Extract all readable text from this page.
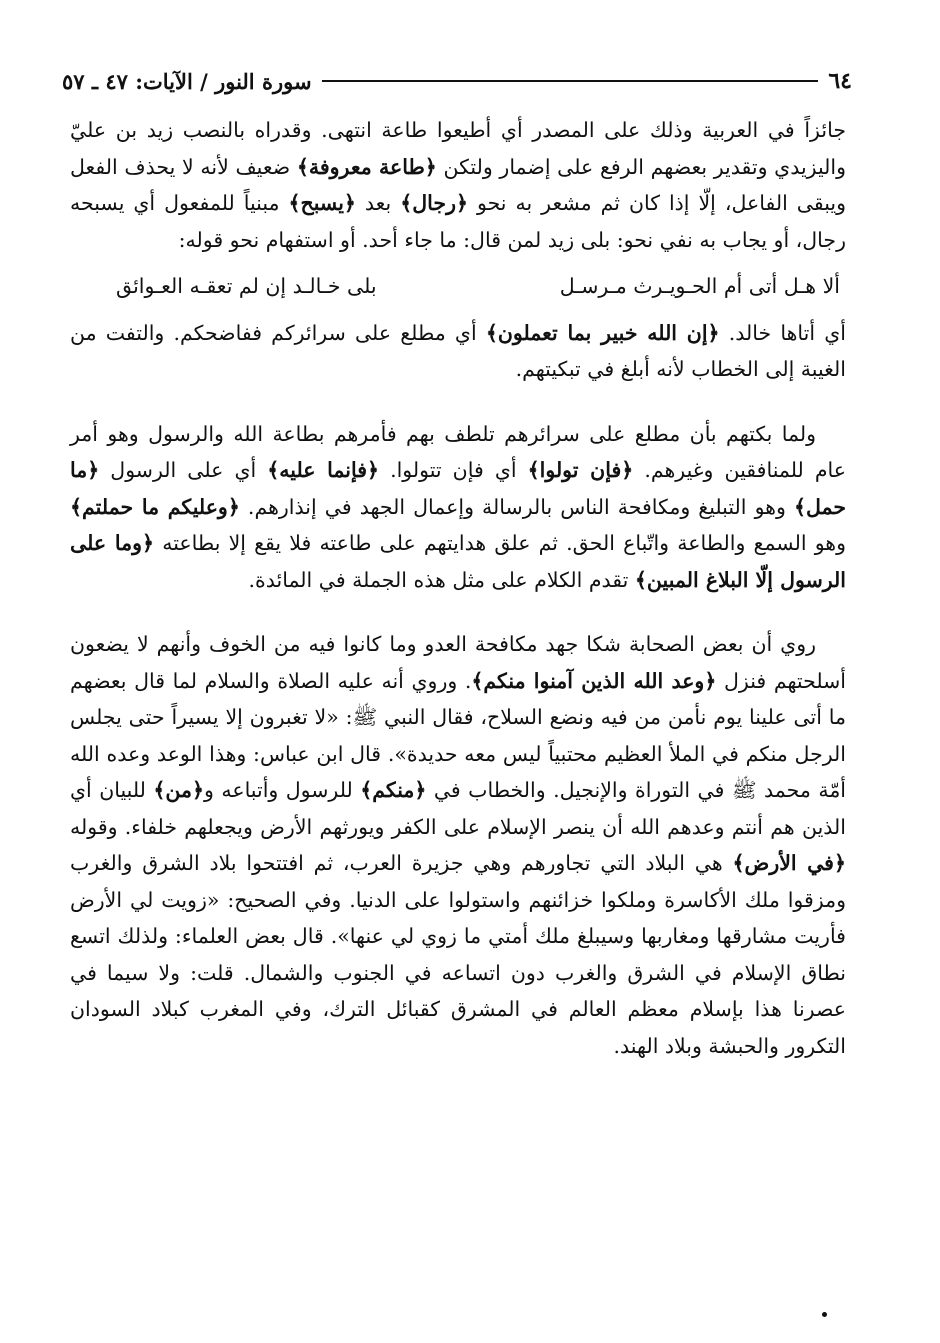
٦٤
سورة النور / الآيات: ٤٧ ـ ٥٧

جائزاً في العربية وذلك على المصدر أي أطيعوا طاعة انتهى. وقدراه بالنصب زيد بن عليّ واليزيدي وتقدير بعضهم الرفع على إضمار ولتكن ﴿طاعة معروفة﴾ ضعيف لأنه لا يحذف الفعل ويبقى الفاعل، إلّا إذا كان ثم مشعر به نحو ﴿رجال﴾ بعد ﴿يسبح﴾ مبنياً للمفعول أي يسبحه رجال، أو يجاب به نفي نحو: بلى زيد لمن قال: ما جاء أحد. أو استفهام نحو قوله:

ألا هـل أتى أم الحـويـرث مـرسـل
بلى خـالـد إن لم تعقـه العـوائق

أي أتاها خالد. ﴿إن الله خبير بما تعملون﴾ أي مطلع على سرائركم ففاضحكم. والتفت من الغيبة إلى الخطاب لأنه أبلغ في تبكيتهم.

ولما بكتهم بأن مطلع على سرائرهم تلطف بهم فأمرهم بطاعة الله والرسول وهو أمر عام للمنافقين وغيرهم. ﴿فإن تولوا﴾ أي فإن تتولوا. ﴿فإنما عليه﴾ أي على الرسول ﴿ما حمل﴾ وهو التبليغ ومكافحة الناس بالرسالة وإعمال الجهد في إنذارهم. ﴿وعليكم ما حملتم﴾ وهو السمع والطاعة واتّباع الحق. ثم علق هدايتهم على طاعته فلا يقع إلا بطاعته ﴿وما على الرسول إلّا البلاغ المبين﴾ تقدم الكلام على مثل هذه الجملة في المائدة.

روي أن بعض الصحابة شكا جهد مكافحة العدو وما كانوا فيه من الخوف وأنهم لا يضعون أسلحتهم فنزل ﴿وعد الله الذين آمنوا منكم﴾. وروي أنه عليه الصلاة والسلام لما قال بعضهم ما أتى علينا يوم نأمن من فيه ونضع السلاح، فقال النبي ﷺ: «لا تغبرون إلا يسيراً حتى يجلس الرجل منكم في الملأ العظيم محتبياً ليس معه حديدة». قال ابن عباس: وهذا الوعد وعده الله أمّة محمد ﷺ في التوراة والإنجيل. والخطاب في ﴿منكم﴾ للرسول وأتباعه و﴿من﴾ للبيان أي الذين هم أنتم وعدهم الله أن ينصر الإسلام على الكفر ويورثهم الأرض ويجعلهم خلفاء. وقوله ﴿في الأرض﴾ هي البلاد التي تجاورهم وهي جزيرة العرب، ثم افتتحوا بلاد الشرق والغرب ومزقوا ملك الأكاسرة وملكوا خزائنهم واستولوا على الدنيا. وفي الصحيح: «زويت لي الأرض فأريت مشارقها ومغاربها وسيبلغ ملك أمتي ما زوي لي عنها». قال بعض العلماء: ولذلك اتسع نطاق الإسلام في الشرق والغرب دون اتساعه في الجنوب والشمال. قلت: ولا سيما في عصرنا هذا بإسلام معظم العالم في المشرق كقبائل الترك، وفي المغرب كبلاد السودان التكرور والحبشة وبلاد الهند.
